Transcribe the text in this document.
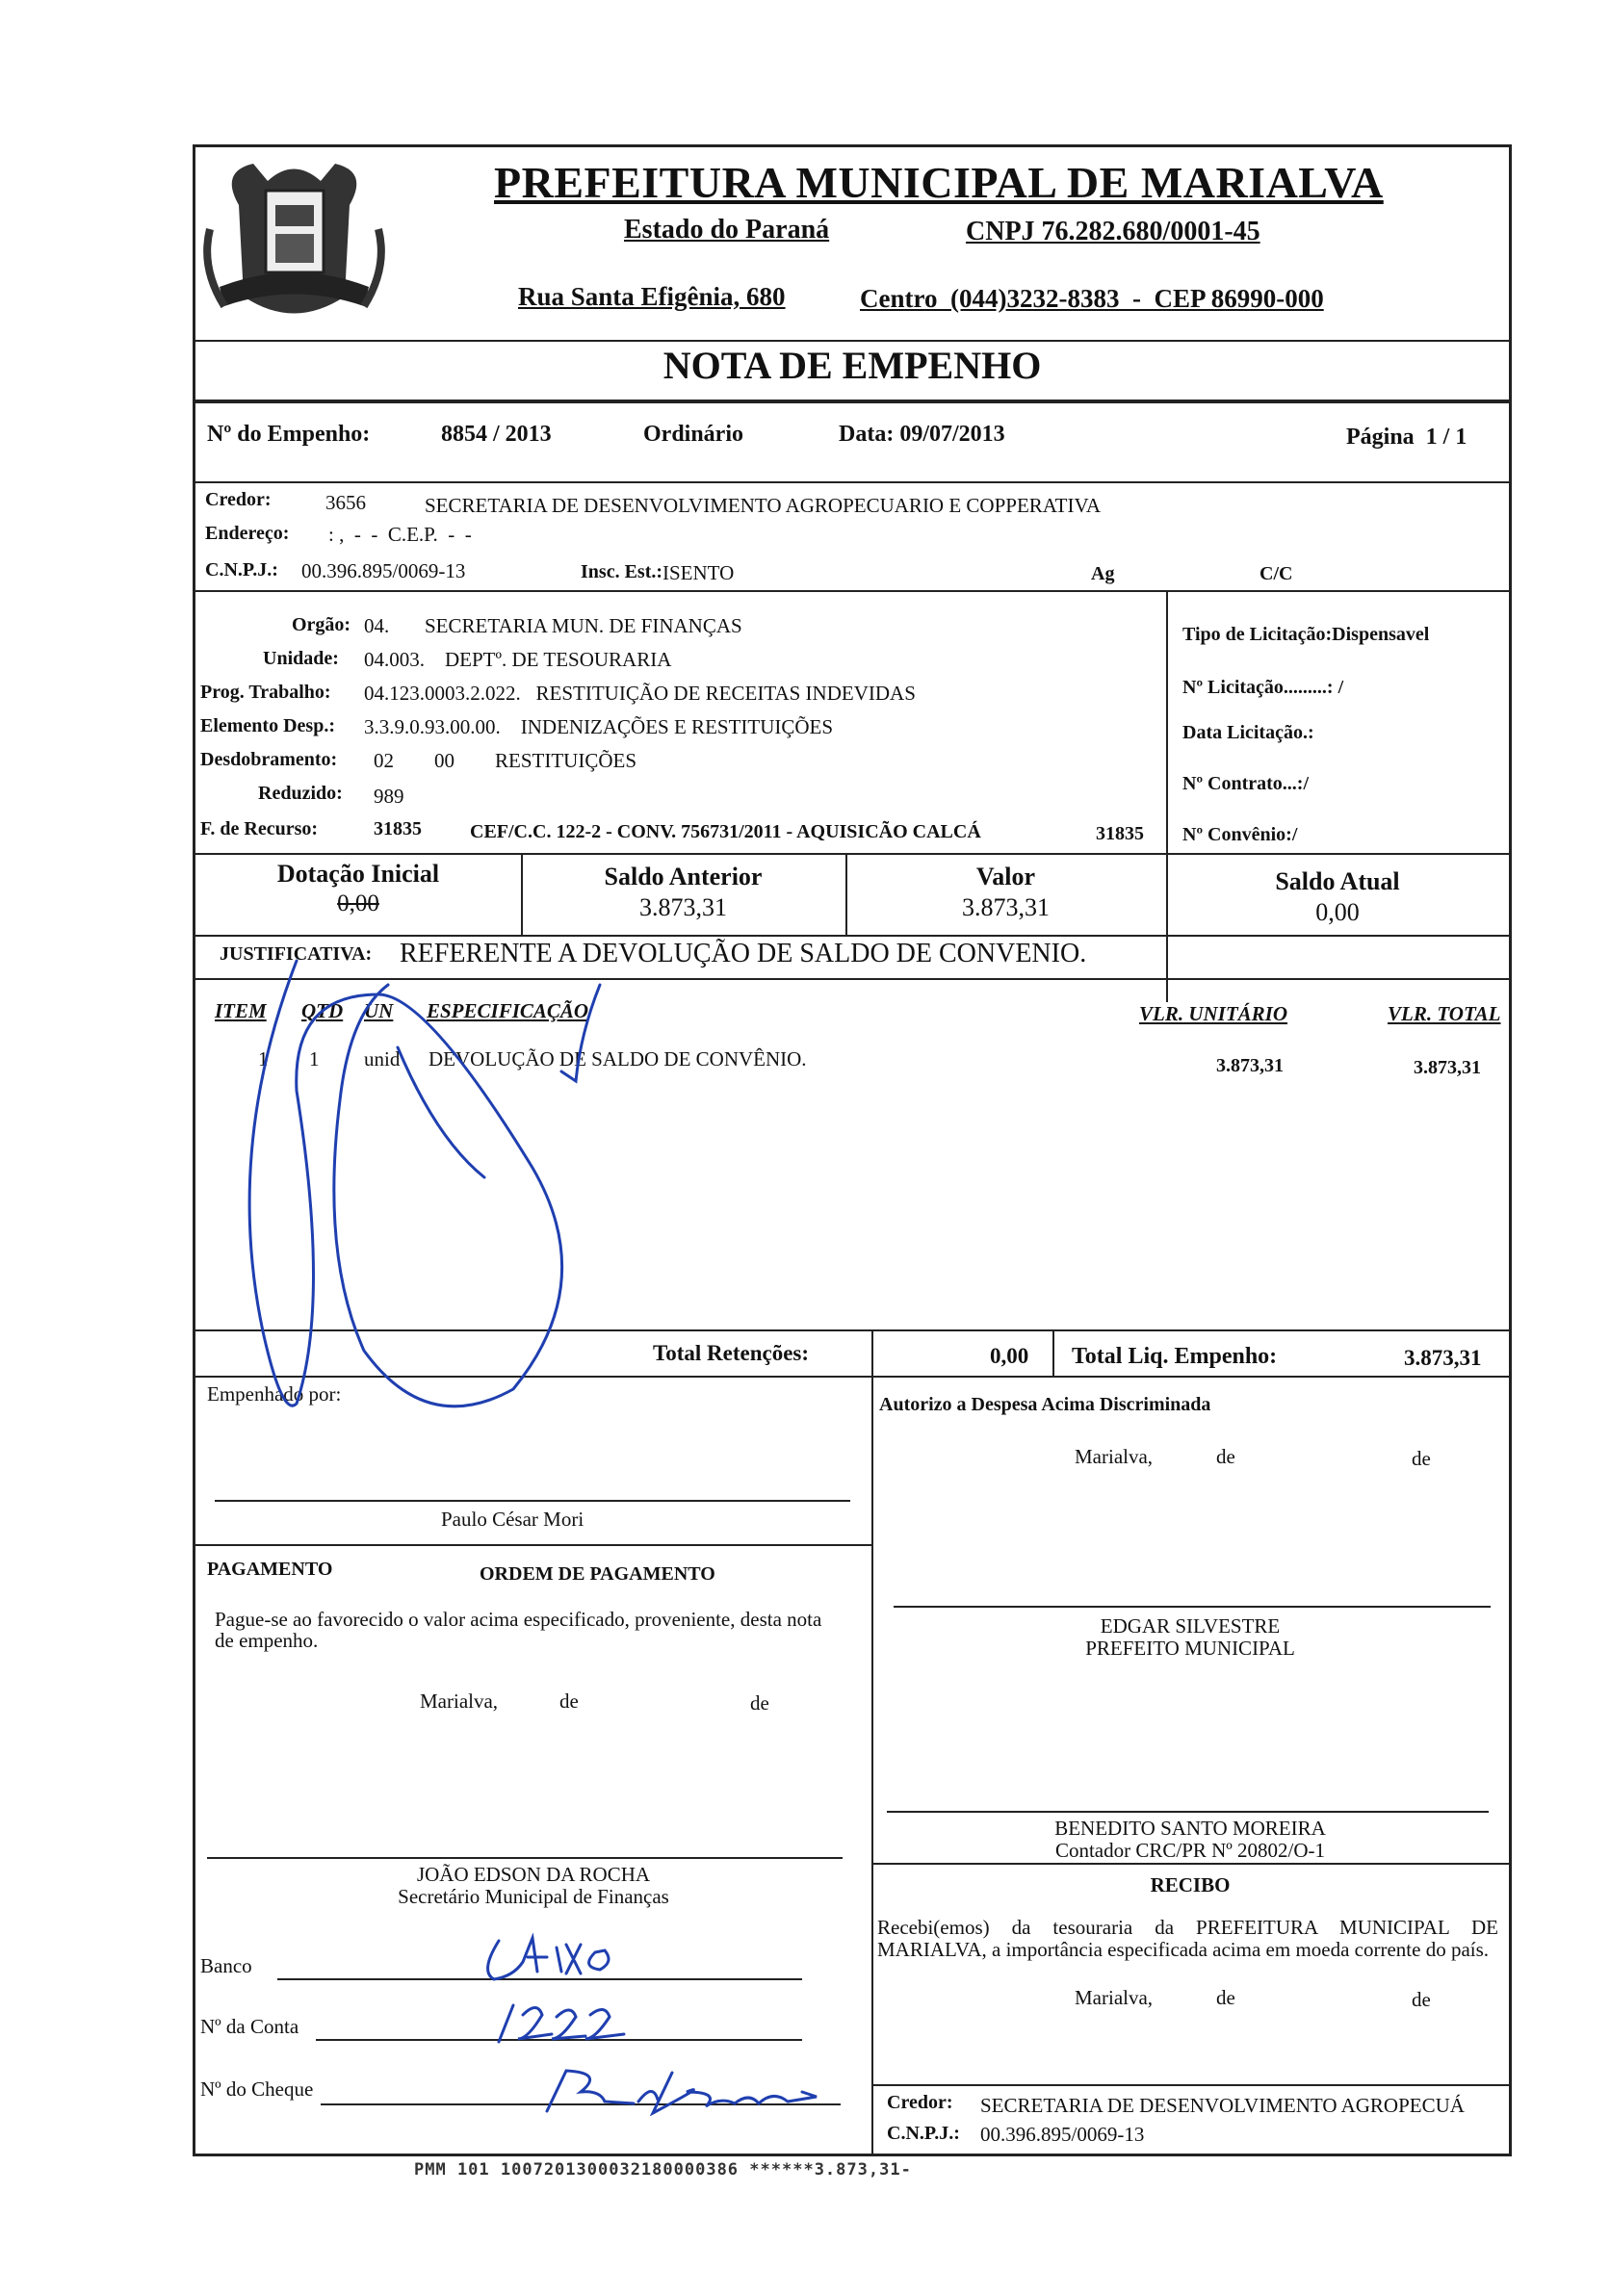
PREFEITURA MUNICIPAL DE MARIALVA
Estado do Paraná	CNPJ 76.282.680/0001-45
Rua Santa Efigênia, 680	Centro  (044)3232-8383  -  CEP 86990-000
NOTA DE EMPENHO
Nº do Empenho:	8854 / 2013	Ordinário	Data: 09/07/2013	Página  1 / 1
Credor:	3656	SECRETARIA DE DESENVOLVIMENTO AGROPECUARIO E COPPERATIVA
Endereço: : ,  -  -  C.E.P.  -  -
C.N.P.J.: 00.396.895/0069-13	Insc. Est.: ISENTO	Ag	C/C
Orgão: 04.       SECRETARIA MUN. DE FINANÇAS
Unidade: 04.003.    DEPTº. DE TESOURARIA
Prog. Trabalho: 04.123.0003.2.022.   RESTITUIÇÃO DE RECEITAS INDEVIDAS
Elemento Desp.: 3.3.9.0.93.00.00.    INDENIZAÇÕES E RESTITUIÇÕES
Desdobramento: 02        00        RESTITUIÇÕES
Reduzido: 989
F. de Recurso:	31835	CEF/C.C. 122-2 - CONV. 756731/2011 - AQUISICÃO CALCÁ	31835
Tipo de Licitação:Dispensavel
Nº Licitação.........: /
Data Licitação.:
Nº Contrato...:/
Nº Convênio:/
Dotação Inicial
0,00
Saldo Anterior
3.873,31
Valor
3.873,31
Saldo Atual
0,00
JUSTIFICATIVA: REFERENTE A DEVOLUÇÃO DE SALDO DE CONVENIO.
ITEM QTD UN ESPECIFICAÇÃO	VLR. UNITÁRIO	VLR. TOTAL
1 1 unid DEVOLUÇÃO DE SALDO DE CONVÊNIO.	3.873,31	3.873,31
Total Retenções:	0,00 Total Liq. Empenho:	3.873,31
Empenhado por:
Paulo César Mori
Autorizo a Despesa Acima Discriminada
Marialva,	de	de
EDGAR SILVESTRE
PREFEITO MUNICIPAL
PAGAMENTO	ORDEM DE PAGAMENTO
Pague-se ao favorecido o valor acima especificado, proveniente, desta nota de empenho.
Marialva,	de	de
JOÃO EDSON DA ROCHA
Secretário Municipal de Finanças
BENEDITO SANTO MOREIRA
Contador CRC/PR Nº 20802/O-1
RECIBO
Recebi(emos) da tesouraria da PREFEITURA MUNICIPAL DE MARIALVA, a importância especificada acima em moeda corrente do país.
Marialva,	de	de
Banco
Nº da Conta
Nº do Cheque
Credor: SECRETARIA DE DESENVOLVIMENTO AGROPECUÁ
C.N.P.J.: 00.396.895/0069-13
PMM 101 1007201300032180000386 ******3.873,31-
